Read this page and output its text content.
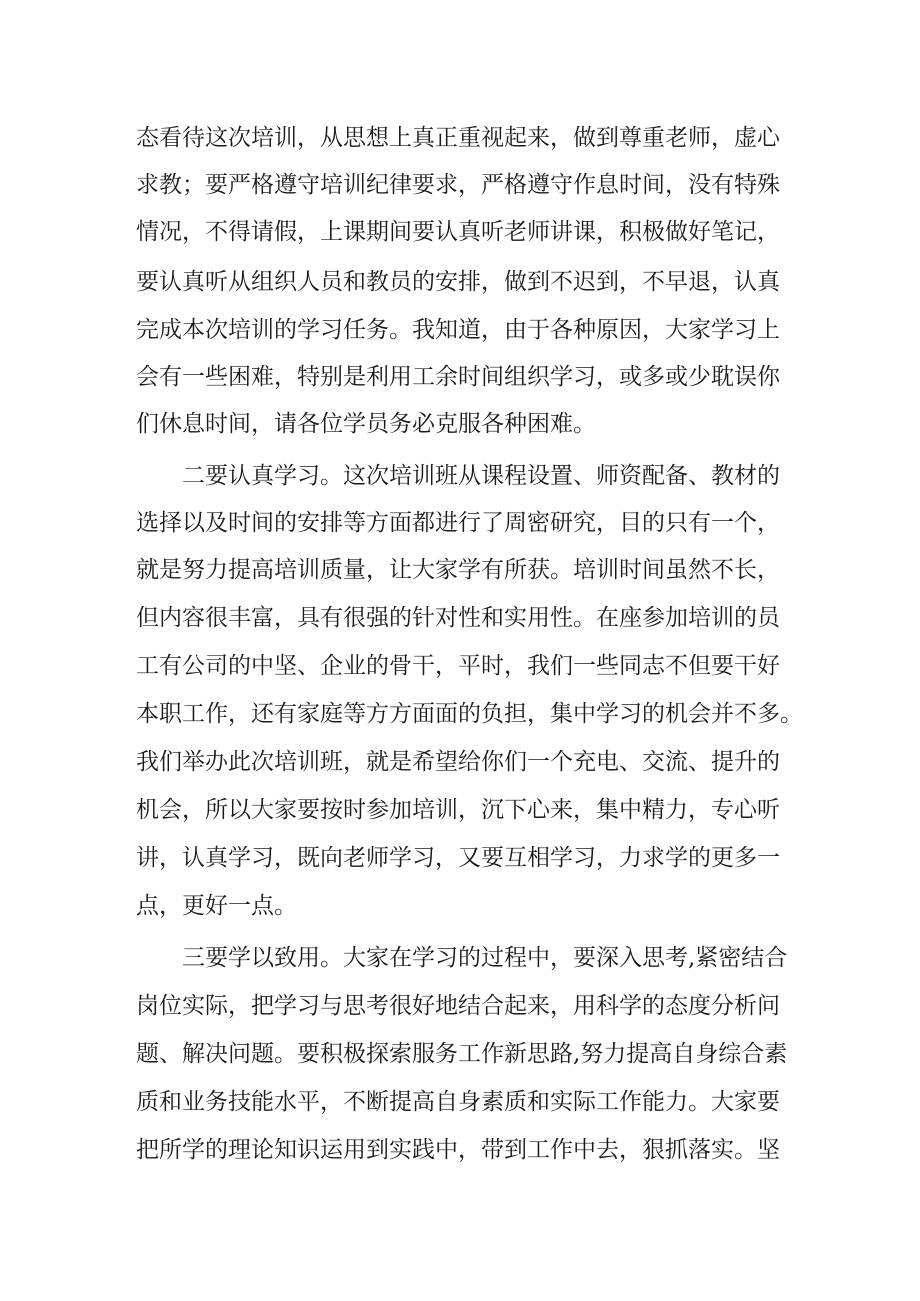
态看待这次培训，从思想上真正重视起来，做到尊重老师，虚心
求教；要严格遵守培训纪律要求，严格遵守作息时间，没有特殊
情况，不得请假，上课期间要认真听老师讲课，积极做好笔记，
要认真听从组织人员和教员的安排，做到不迟到，不早退，认真
完成本次培训的学习任务。我知道，由于各种原因，大家学习上
会有一些困难，特别是利用工余时间组织学习，或多或少耽误你
们休息时间，请各位学员务必克服各种困难。
二要认真学习。这次培训班从课程设置、师资配备、教材的
选择以及时间的安排等方面都进行了周密研究，目的只有一个，
就是努力提高培训质量，让大家学有所获。培训时间虽然不长，
但内容很丰富，具有很强的针对性和实用性。在座参加培训的员
工有公司的中坚、企业的骨干，平时，我们一些同志不但要干好
本职工作，还有家庭等方方面面的负担，集中学习的机会并不多。
我们举办此次培训班，就是希望给你们一个充电、交流、提升的
机会，所以大家要按时参加培训，沉下心来，集中精力，专心听
讲，认真学习，既向老师学习，又要互相学习，力求学的更多一
点，更好一点。
三要学以致用。大家在学习的过程中，要深入思考,紧密结合
岗位实际，把学习与思考很好地结合起来，用科学的态度分析问
题、解决问题。要积极探索服务工作新思路,努力提高自身综合素
质和业务技能水平，不断提高自身素质和实际工作能力。大家要
把所学的理论知识运用到实践中，带到工作中去，狠抓落实。坚
